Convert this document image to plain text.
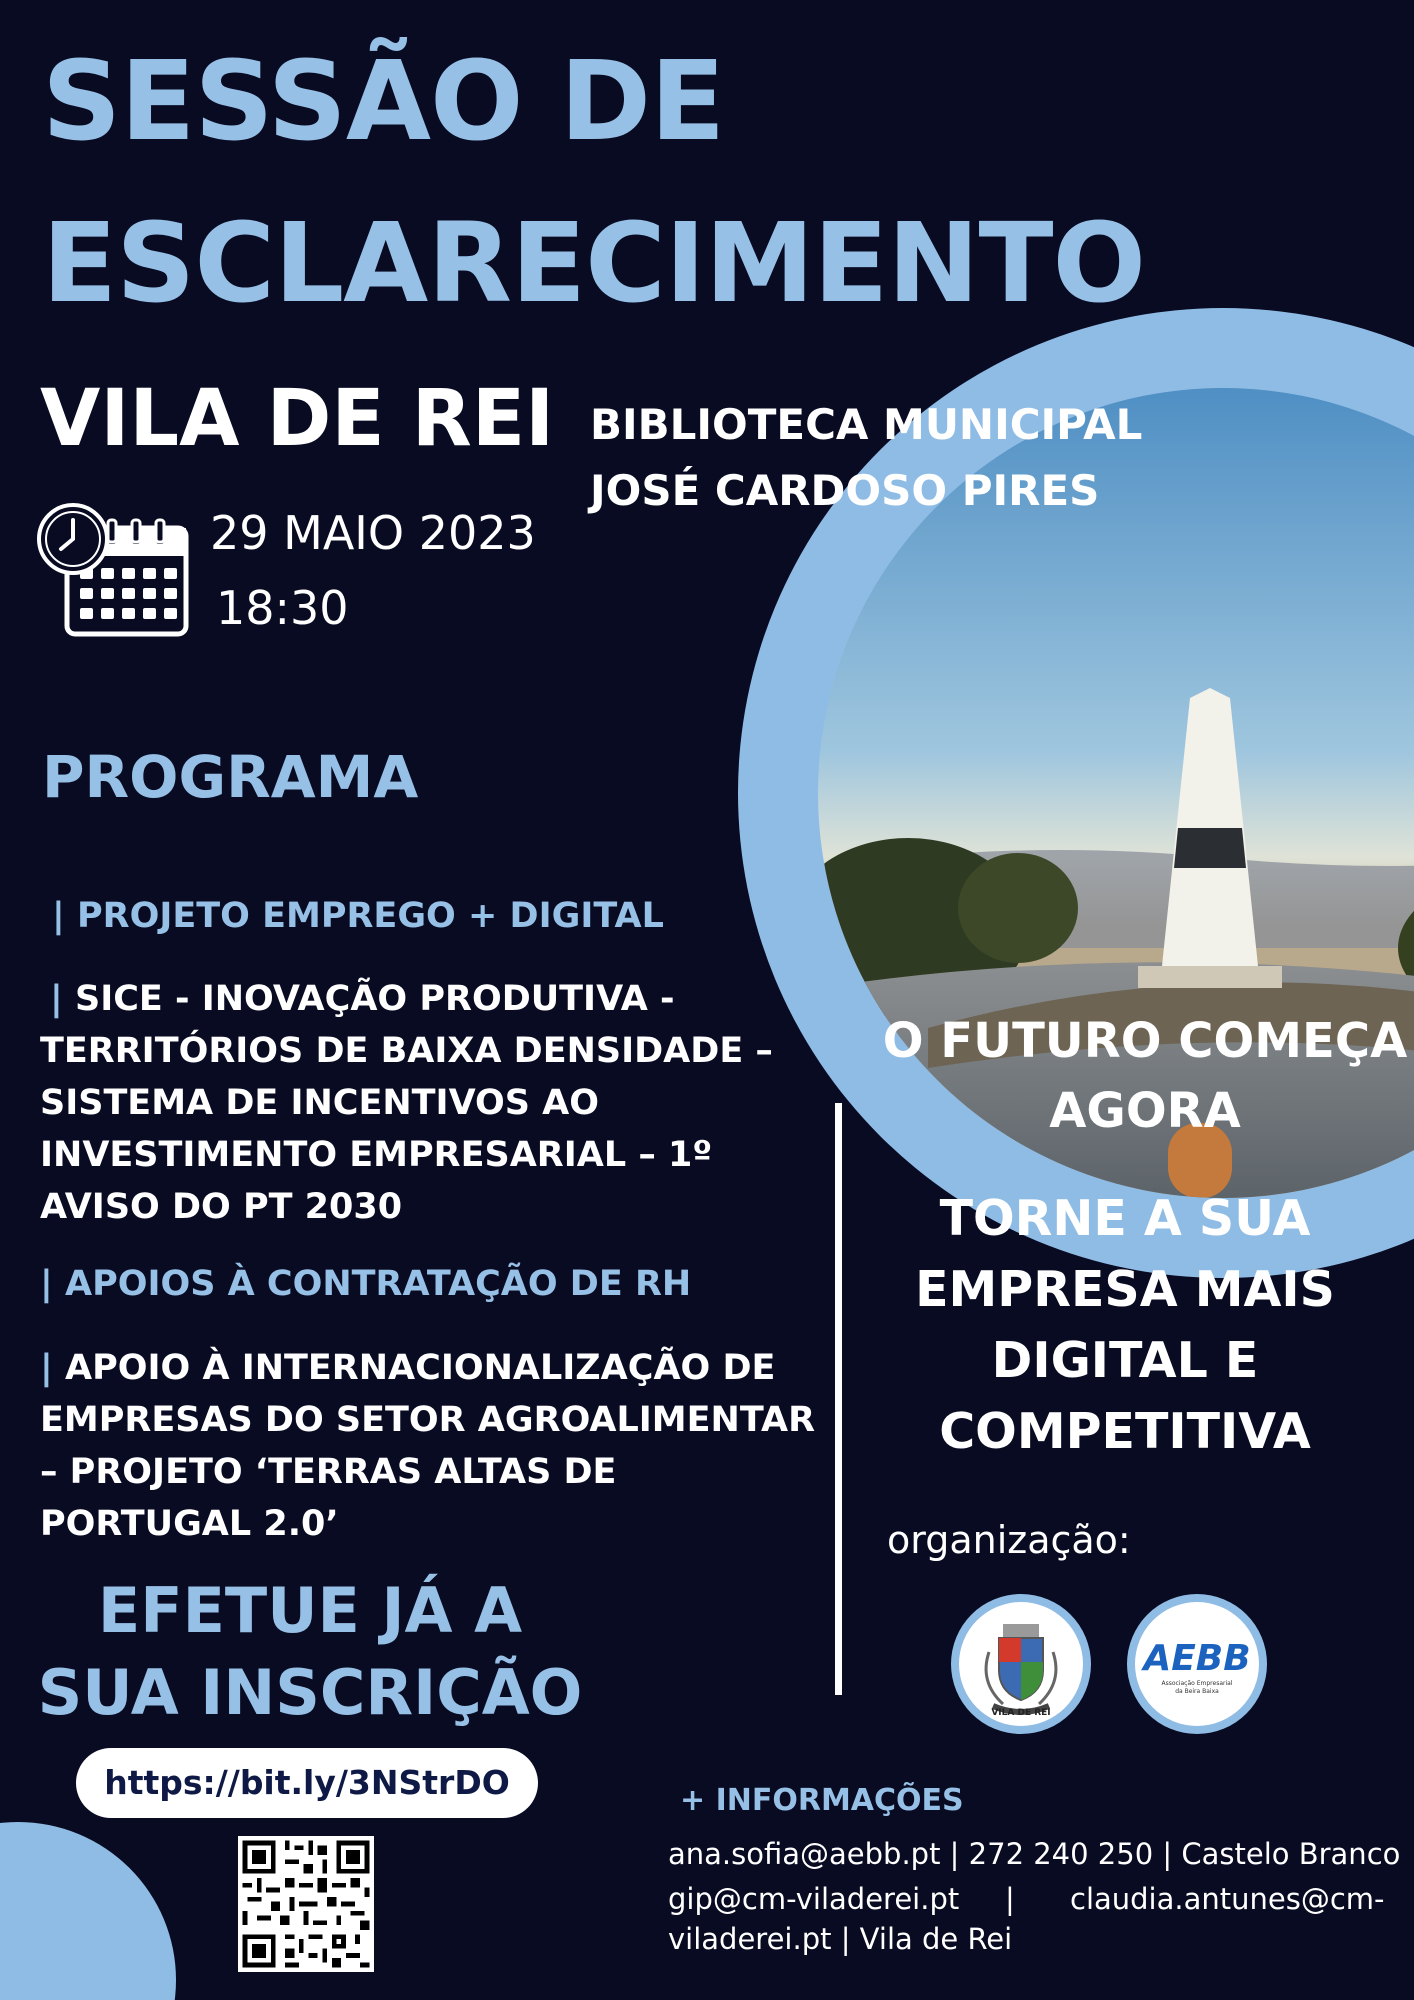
SESSÃO DE
ESCLARECIMENTO
VILA DE REI BIBLIOTECA MUNICIPAL
JOSÉ CARDOSO PIRES
29 MAIO 2023
18:30
PROGRAMA
| PROJETO EMPREGO + DIGITAL
| SICE - INOVAÇÃO PRODUTIVA - TERRITÓRIOS DE BAIXA DENSIDADE – SISTEMA DE INCENTIVOS AO INVESTIMENTO EMPRESARIAL – 1º AVISO DO PT 2030
| APOIOS À CONTRATAÇÃO DE RH
| APOIO À INTERNACIONALIZAÇÃO DE EMPRESAS DO SETOR AGROALIMENTAR – PROJETO ‘TERRAS ALTAS DE PORTUGAL 2.0’
O FUTURO COMEÇA AGORA
TORNE A SUA EMPRESA MAIS DIGITAL E COMPETITIVA
organização:
VILA DE REI
AEBB
Associação Empresarial da Beira Baixa
EFETUE JÁ A SUA INSCRIÇÃO
https://bit.ly/3NStrDO	+ INFORMAÇÕES
ana.sofia@aebb.pt | 272 240 250 | Castelo Branco
gip@cm-viladerei.pt | claudia.antunes@cm-
viladerei.pt | Vila de Rei
